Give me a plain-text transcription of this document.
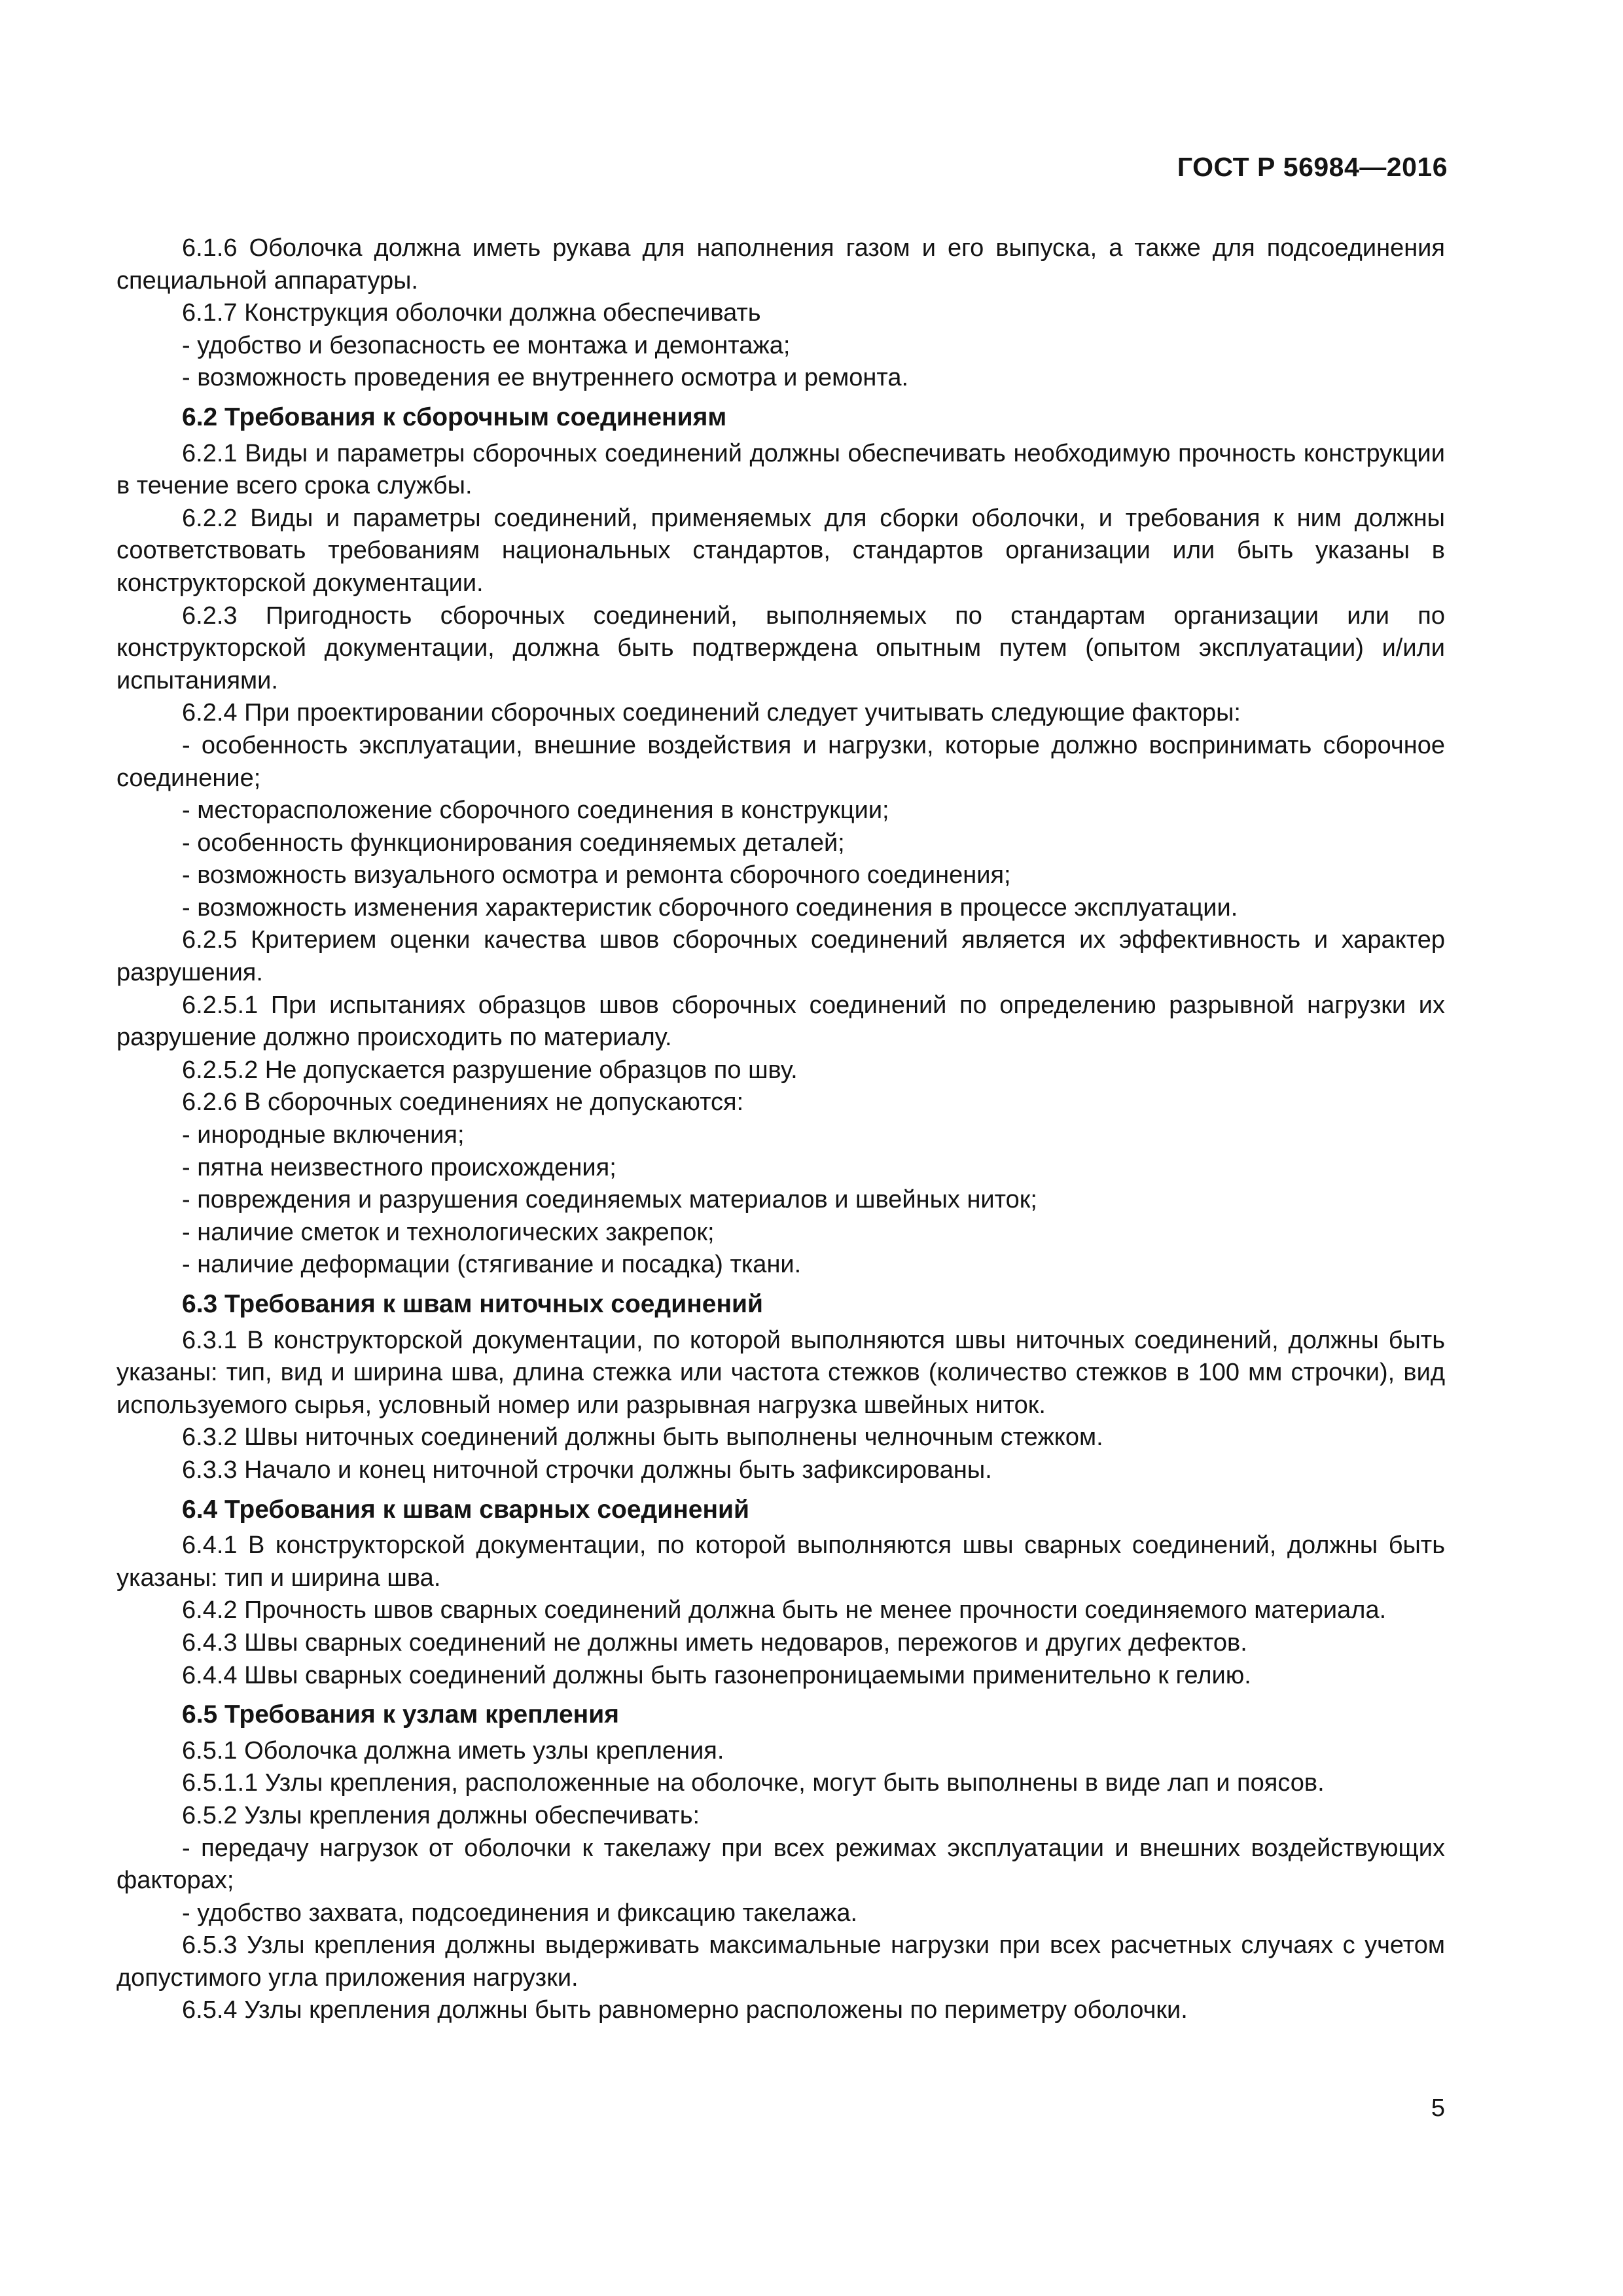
ГОСТ Р 56984—2016

6.1.6 Оболочка должна иметь рукава для наполнения газом и его выпуска, а также для подсоединения специальной аппаратуры.

6.1.7 Конструкция оболочки должна обеспечивать

- удобство и безопасность ее монтажа и демонтажа;

- возможность проведения ее внутреннего осмотра и ремонта.

6.2 Требования к сборочным соединениям

6.2.1 Виды и параметры сборочных соединений должны обеспечивать необходимую прочность конструкции в течение всего срока службы.

6.2.2 Виды и параметры соединений, применяемых для сборки оболочки, и требования к ним должны соответствовать требованиям национальных стандартов, стандартов организации или быть указаны в конструкторской документации.

6.2.3 Пригодность сборочных соединений, выполняемых по стандартам организации или по конструкторской документации, должна быть подтверждена опытным путем (опытом эксплуатации) и/или испытаниями.

6.2.4 При проектировании сборочных соединений следует учитывать следующие факторы:

- особенность эксплуатации, внешние воздействия и нагрузки, которые должно воспринимать сборочное соединение;

- месторасположение сборочного соединения в конструкции;

- особенность функционирования соединяемых деталей;

- возможность визуального осмотра и ремонта сборочного соединения;

- возможность изменения характеристик сборочного соединения в процессе эксплуатации.

6.2.5 Критерием оценки качества швов сборочных соединений является их эффективность и характер разрушения.

6.2.5.1 При испытаниях образцов швов сборочных соединений по определению разрывной нагрузки их разрушение должно происходить по материалу.

6.2.5.2 Не допускается разрушение образцов по шву.

6.2.6 В сборочных соединениях не допускаются:

- инородные включения;

- пятна неизвестного происхождения;

- повреждения и разрушения соединяемых материалов и швейных ниток;

- наличие сметок и технологических закрепок;

- наличие деформации (стягивание и посадка) ткани.

6.3 Требования к швам ниточных соединений

6.3.1 В конструкторской документации, по которой выполняются швы ниточных соединений, должны быть указаны: тип, вид и ширина шва, длина стежка или частота стежков (количество стежков в 100 мм строчки), вид используемого сырья, условный номер или разрывная нагрузка швейных ниток.

6.3.2 Швы ниточных соединений должны быть выполнены челночным стежком.

6.3.3 Начало и конец ниточной строчки должны быть зафиксированы.

6.4 Требования к швам сварных соединений

6.4.1 В конструкторской документации, по которой выполняются швы сварных соединений, должны быть указаны: тип и ширина шва.

6.4.2 Прочность швов сварных соединений должна быть не менее прочности соединяемого материала.

6.4.3 Швы сварных соединений не должны иметь недоваров, пережогов и других дефектов.

6.4.4 Швы сварных соединений должны быть газонепроницаемыми применительно к гелию.

6.5 Требования к узлам крепления

6.5.1 Оболочка должна иметь узлы крепления.

6.5.1.1 Узлы крепления, расположенные на оболочке, могут быть выполнены в виде лап и поясов.

6.5.2 Узлы крепления должны обеспечивать:

- передачу нагрузок от оболочки к такелажу при всех режимах эксплуатации и внешних воздействующих факторах;

- удобство захвата, подсоединения и фиксацию такелажа.

6.5.3 Узлы крепления должны выдерживать максимальные нагрузки при всех расчетных случаях с учетом допустимого угла приложения нагрузки.

6.5.4 Узлы крепления должны быть равномерно расположены по периметру оболочки.

5
